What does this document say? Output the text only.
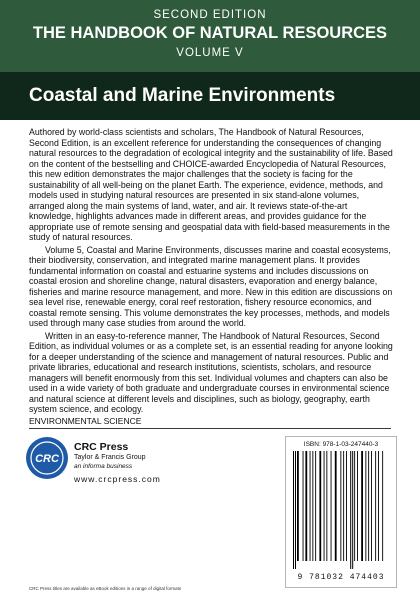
SECOND EDITION
THE HANDBOOK OF NATURAL RESOURCES
VOLUME V
Coastal and Marine Environments

Authored by world-class scientists and scholars, The Handbook of Natural Resources, Second Edition, is an excellent reference for understanding the consequences of changing natural resources to the degradation of ecological integrity and the sustainability of life. Based on the content of the bestselling and CHOICE-awarded Encyclopedia of Natural Resources, this new edition demonstrates the major challenges that the society is facing for the sustainability of all well-being on the planet Earth. The experience, evidence, methods, and models used in studying natural resources are presented in six stand-alone volumes, arranged along the main systems of land, water, and air. It reviews state-of-the-art knowledge, highlights advances made in different areas, and provides guidance for the appropriate use of remote sensing and geospatial data with field-based measurements in the study of natural resources.

Volume 5, Coastal and Marine Environments, discusses marine and coastal ecosystems, their biodiversity, conservation, and integrated marine management plans. It provides fundamental information on coastal and estuarine systems and includes discussions on coastal erosion and shoreline change, natural disasters, evaporation and energy balance, fisheries and marine resource management, and more. New in this edition are discussions on sea level rise, renewable energy, coral reef restoration, fishery resource economics, and coastal remote sensing. This volume demonstrates the key processes, methods, and models used through many case studies from around the world.

Written in an easy-to-reference manner, The Handbook of Natural Resources, Second Edition, as individual volumes or as a complete set, is an essential reading for anyone looking for a deeper understanding of the science and management of natural resources. Public and private libraries, educational and research institutions, scientists, scholars, and resource managers will benefit enormously from this set. Individual volumes and chapters can also be used in a wide variety of both graduate and undergraduate courses in environmental science and natural science at different levels and disciplines, such as biology, geography, earth system science, and ecology.

ENVIRONMENTAL SCIENCE
CRC
CRC Press
Taylor & Francis Group
an informa business
www.crcpress.com
ISBN: 978-1-03-247440-3
9 781032 474403
CRC Press titles are available as eBook editions in a range of digital formats
